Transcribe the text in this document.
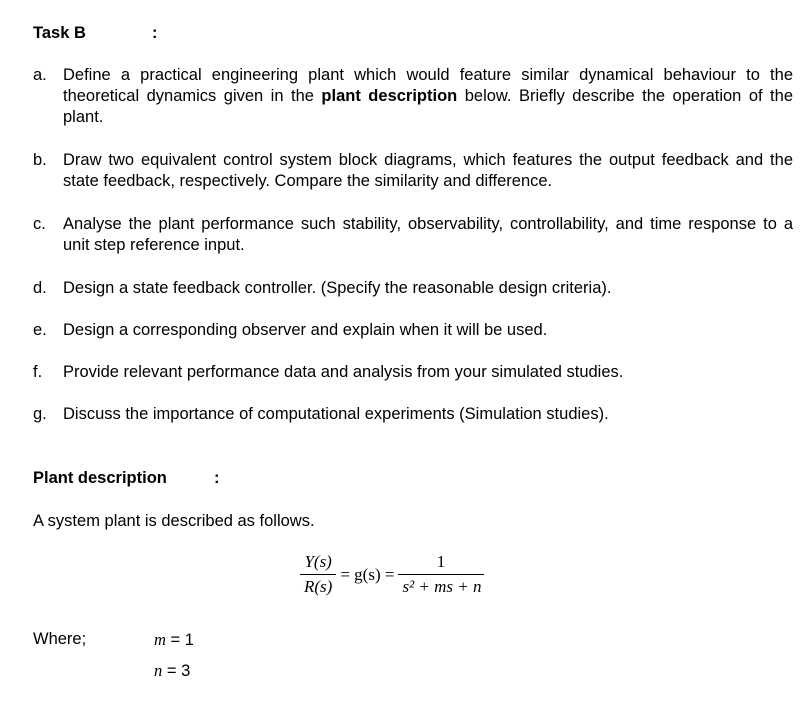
Task B	:
a. Define a practical engineering plant which would feature similar dynamical behaviour to the theoretical dynamics given in the plant description below. Briefly describe the operation of the plant.
b. Draw two equivalent control system block diagrams, which features the output feedback and the state feedback, respectively. Compare the similarity and difference.
c.	Analyse the plant performance such stability, observability, controllability, and time response to a unit step reference input.
d. Design a state feedback controller. (Specify the reasonable design criteria).
e. Design a corresponding observer and explain when it will be used.
f.	Provide relevant performance data and analysis from your simulated studies.
g. Discuss the importance of computational experiments (Simulation studies).
Plant description	:
A system plant is described as follows.
$\frac{Y(s)}{R(s)} = g(s) = \frac{1}{\text{s² + ms + n}}$
Where;	m = 1
n = 3
